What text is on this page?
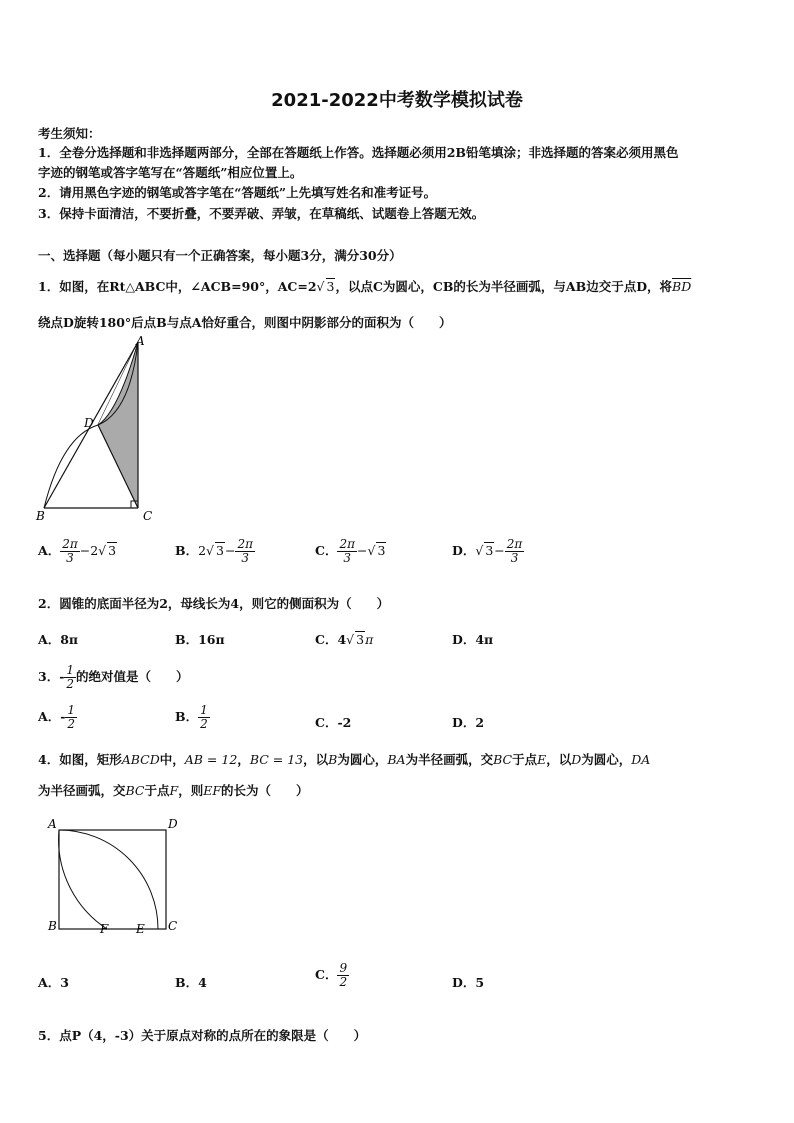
2021-2022中考数学模拟试卷
考生须知：
1．全卷分选择题和非选择题两部分，全部在答题纸上作答。选择题必须用2B铅笔填涂；非选择题的答案必须用黑色
字迹的钢笔或答字笔写在“答题纸”相应位置上。
2．请用黑色字迹的钢笔或答字笔在“答题纸”上先填写姓名和准考证号。
3．保持卡面清洁，不要折叠，不要弄破、弄皱，在草稿纸、试题卷上答题无效。
一、选择题（每小题只有一个正确答案，每小题3分，满分30分）
1．如图，在Rt△ABC中，∠ACB=90°，AC=2√ 3，以点C为圆心，CB的长为半径画弧，与AB边交于点D，将$\overline{BD}$
绕点D旋转180°后点B与点A恰好重合，则图中阴影部分的面积为（　　）
A
D
B	C
A． $\frac{2\pi}{3} -2√$ 3	B．2√ $3- \frac{2\pi}{3}$	C． $\frac{2\pi}{3}$ −√ 3	D．√ $3- \frac{2\pi}{3}$
2．圆锥的底面半径为2，母线长为4，则它的侧面积为（　　）
A．8π	B．16π	C．4√ 3π	D．4π
3．- $\frac{1}{2}$ 的绝对值是（　　）
A．- $\frac{1}{2}$	B． $\frac{1}{2}$	C．-2	D．2
4．如图，矩形ABCD中，AB = 12，BC = 13，以B为圆心，BA为半径画弧，交BC于点E，以D为圆心，DA
为半径画弧，交BC于点F，则EF的长为（　　）
A	D
B	F E C
A．3	B．4
C． $\frac{9}{2}$	D．5
5．点P（4，-3）关于原点对称的点所在的象限是（　　）
